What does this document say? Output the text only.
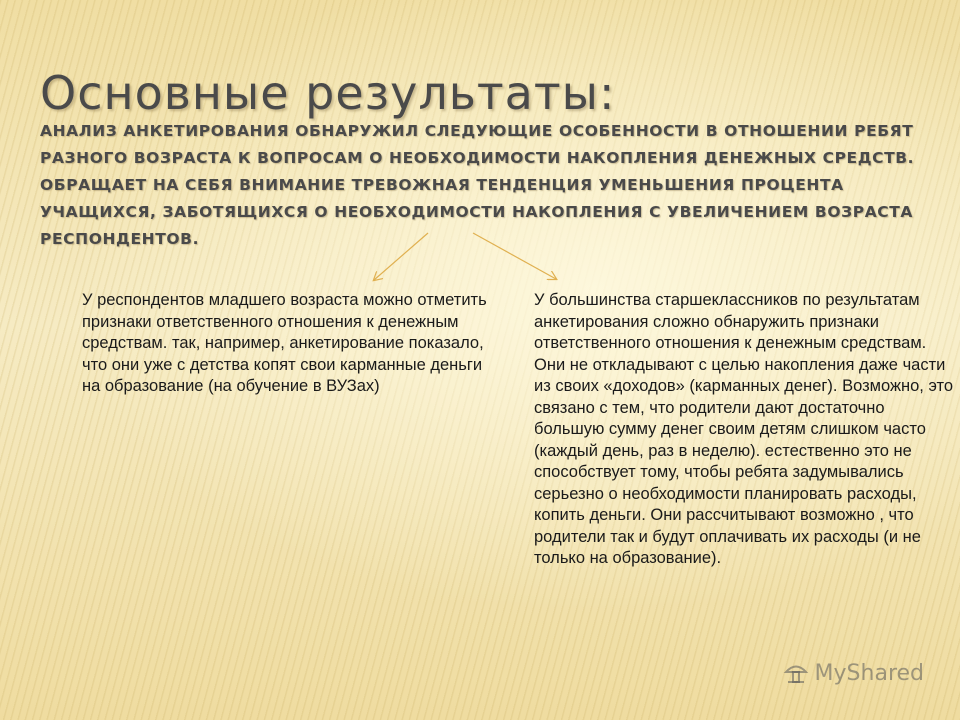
Основные результаты:

АНАЛИЗ АНКЕТИРОВАНИЯ ОБНАРУЖИЛ СЛЕДУЮЩИЕ ОСОБЕННОСТИ В ОТНОШЕНИИ РЕБЯТ РАЗНОГО ВОЗРАСТА К ВОПРОСАМ О НЕОБХОДИМОСТИ НАКОПЛЕНИЯ ДЕНЕЖНЫХ СРЕДСТВ. ОБРАЩАЕТ НА СЕБЯ ВНИМАНИЕ ТРЕВОЖНАЯ ТЕНДЕНЦИЯ УМЕНЬШЕНИЯ ПРОЦЕНТА УЧАЩИХСЯ, ЗАБОТЯЩИХСЯ О НЕОБХОДИМОСТИ НАКОПЛЕНИЯ С УВЕЛИЧЕНИЕМ ВОЗРАСТА РЕСПОНДЕНТОВ.

У респондентов младшего возраста можно отметить признаки ответственного отношения к денежным средствам. так, например, анкетирование показало, что они уже с детства копят свои карманные деньги на образование (на обучение в ВУЗах)

У большинства старшеклассников по результатам анкетирования сложно обнаружить признаки ответственного отношения к денежным средствам. Они не откладывают с целью накопления даже части из своих «доходов» (карманных денег). Возможно, это связано с тем, что родители дают достаточно большую сумму денег своим детям слишком часто (каждый день, раз в неделю). естественно это не способствует тому, чтобы ребята задумывались серьезно о необходимости планировать расходы, копить деньги. Они рассчитывают возможно , что родители так и будут оплачивать их расходы (и не только на образование).

MyShared
